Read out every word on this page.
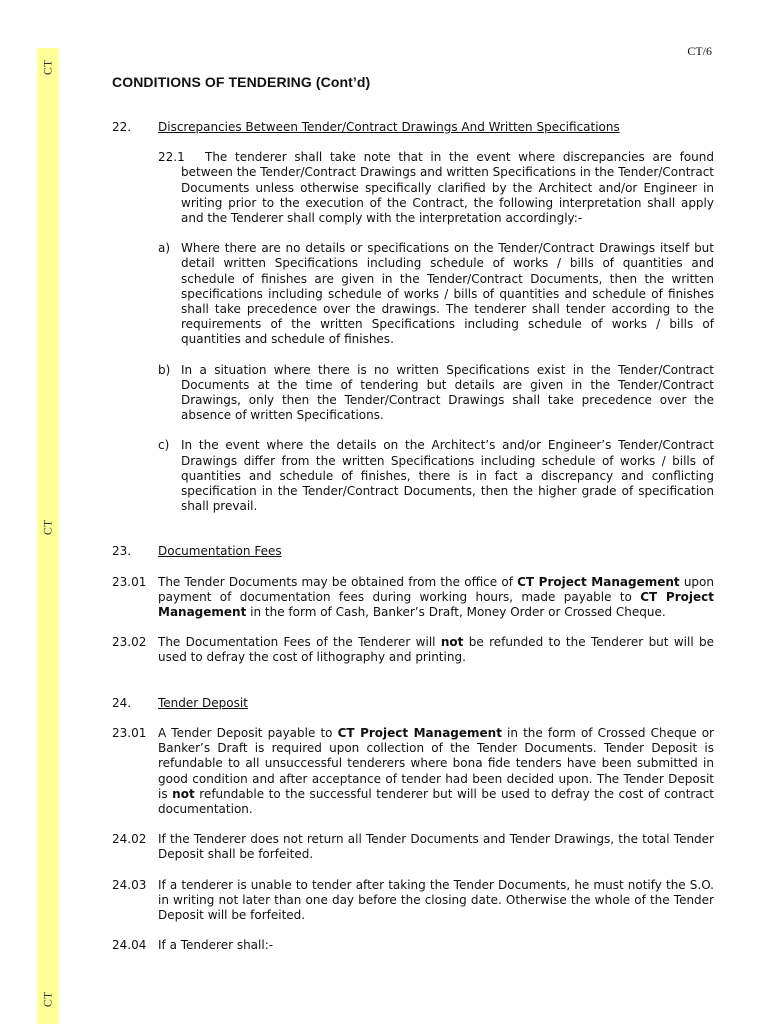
CT
CT
CT
CT/6
CONDITIONS OF TENDERING (Cont’d)
22.	Discrepancies Between Tender/Contract Drawings And Written Specifications
22.1 The tenderer shall take note that in the event where discrepancies are found between the Tender/Contract Drawings and written Specifications in the Tender/Contract Documents unless otherwise specifically clarified by the Architect and/or Engineer in writing prior to the execution of the Contract, the following interpretation shall apply and the Tenderer shall comply with the interpretation accordingly:-
a) Where there are no details or specifications on the Tender/Contract Drawings itself but detail written Specifications including schedule of works / bills of quantities and schedule of finishes are given in the Tender/Contract Documents, then the written specifications including schedule of works / bills of quantities and schedule of finishes shall take precedence over the drawings. The tenderer shall tender according to the requirements of the written Specifications including schedule of works / bills of quantities and schedule of finishes.
b) In a situation where there is no written Specifications exist in the Tender/Contract Documents at the time of tendering but details are given in the Tender/Contract Drawings, only then the Tender/Contract Drawings shall take precedence over the absence of written Specifications.
c) In the event where the details on the Architect’s and/or Engineer’s Tender/Contract Drawings differ from the written Specifications including schedule of works / bills of quantities and schedule of finishes, there is in fact a discrepancy and conflicting specification in the Tender/Contract Documents, then the higher grade of specification shall prevail.
23.	Documentation Fees
23.01 The Tender Documents may be obtained from the office of CT Project Management upon payment of documentation fees during working hours, made payable to CT Project Management in the form of Cash, Banker’s Draft, Money Order or Crossed Cheque.
23.02 The Documentation Fees of the Tenderer will not be refunded to the Tenderer but will be used to defray the cost of lithography and printing.
24.	Tender Deposit
23.01 A Tender Deposit payable to CT Project Management in the form of Crossed Cheque or Banker’s Draft is required upon collection of the Tender Documents. Tender Deposit is refundable to all unsuccessful tenderers where bona fide tenders have been submitted in good condition and after acceptance of tender had been decided upon. The Tender Deposit is not refundable to the successful tenderer but will be used to defray the cost of contract documentation.
24.02 If the Tenderer does not return all Tender Documents and Tender Drawings, the total Tender Deposit shall be forfeited.
24.03 If a tenderer is unable to tender after taking the Tender Documents, he must notify the S.O. in writing not later than one day before the closing date. Otherwise the whole of the Tender Deposit will be forfeited.
24.04 If a Tenderer shall:-
